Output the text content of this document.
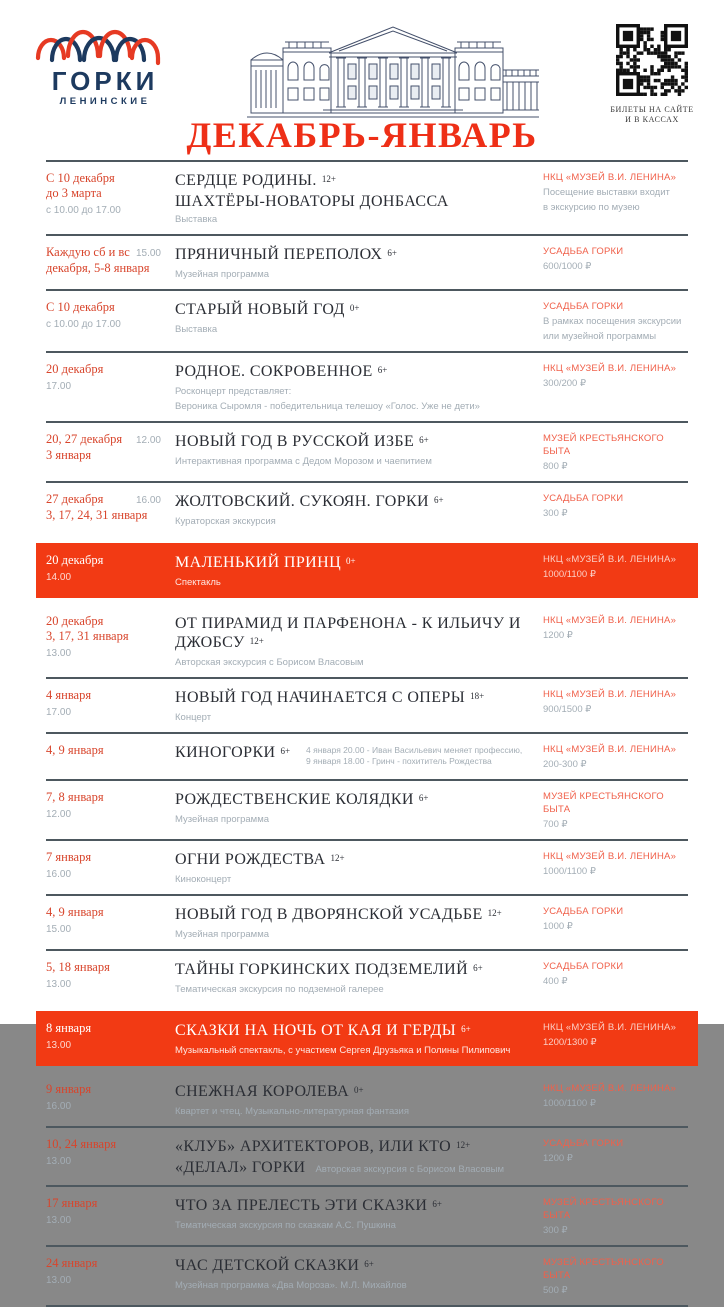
ГОРКИ
ЛЕНИНСКИЕ
БИЛЕТЫ НА САЙТЕ
И В КАССАХ
ДЕКАБРЬ-ЯНВАРЬ
С 10 декабря
до 3 марта
с 10.00 до 17.00
СЕРДЦЕ РОДИНЫ. 12+
ШАХТЁРЫ-НОВАТОРЫ ДОНБАССА
Выставка
НКЦ «МУЗЕЙ В.И. ЛЕНИНА»
Посещение выставки входит
в экскурсию по музею
Каждую сб и вс 15.00
декабря, 5-8 января
ПРЯНИЧНЫЙ ПЕРЕПОЛОХ 6+
Музейная программа
УСАДЬБА ГОРКИ
600/1000 ₽
С 10 декабря
с 10.00 до 17.00
СТАРЫЙ НОВЫЙ ГОД 0+
Выставка
УСАДЬБА ГОРКИ
В рамках посещения экскурсии
или музейной программы
20 декабря
17.00
РОДНОЕ. СОКРОВЕННОЕ 6+
Росконцерт представляет:
Вероника Сыромля - победительница телешоу «Голос. Уже не дети»
НКЦ «МУЗЕЙ В.И. ЛЕНИНА»
300/200 ₽
20, 27 декабря 12.00
3 января
НОВЫЙ ГОД В РУССКОЙ ИЗБЕ 6+
Интерактивная программа с Дедом Морозом и чаепитием
МУЗЕЙ КРЕСТЬЯНСКОГО БЫТА
800 ₽
27 декабря	16.00
3, 17, 24, 31 января
ЖОЛТОВСКИЙ. СУКОЯН. ГОРКИ 6+
Кураторская экскурсия
УСАДЬБА ГОРКИ
300 ₽
20 декабря
14.00
МАЛЕНЬКИЙ ПРИНЦ 0+
Спектакль
НКЦ «МУЗЕЙ В.И. ЛЕНИНА»
1000/1100 ₽
20 декабря
3, 17, 31 января
13.00
ОТ ПИРАМИД И ПАРФЕНОНА - К ИЛЬИЧУ И ДЖОБСУ 12+
Авторская экскурсия с Борисом Власовым
НКЦ «МУЗЕЙ В.И. ЛЕНИНА»
1200 ₽
4 января
17.00
НОВЫЙ ГОД НАЧИНАЕТСЯ С ОПЕРЫ 18+
Концерт
НКЦ «МУЗЕЙ В.И. ЛЕНИНА»
900/1500 ₽
4, 9 января	КИНОГОРКИ 6+ 4 января 20.00 - Иван Васильевич меняет профессию,
9 января 18.00 - Гринч - похититель Рождества
НКЦ «МУЗЕЙ В.И. ЛЕНИНА»
200-300 ₽
7, 8 января
12.00
РОЖДЕСТВЕНСКИЕ КОЛЯДКИ 6+
Музейная программа
МУЗЕЙ КРЕСТЬЯНСКОГО БЫТА
700 ₽
7 января
16.00
ОГНИ РОЖДЕСТВА 12+
Киноконцерт
НКЦ «МУЗЕЙ В.И. ЛЕНИНА»
1000/1100 ₽
4, 9 января
15.00
НОВЫЙ ГОД В ДВОРЯНСКОЙ УСАДЬБЕ 12+
Музейная программа
УСАДЬБА ГОРКИ
1000 ₽
5, 18 января
13.00
ТАЙНЫ ГОРКИНСКИХ ПОДЗЕМЕЛИЙ 6+
Тематическая экскурсия по подземной галерее
УСАДЬБА ГОРКИ
400 ₽
8 января
13.00
СКАЗКИ НА НОЧЬ ОТ КАЯ И ГЕРДЫ 6+
Музыкальный спектакль, с участием Сергея Друзьяка и Полины Пилипович
НКЦ «МУЗЕЙ В.И. ЛЕНИНА»
1200/1300 ₽
9 января
16.00
СНЕЖНАЯ КОРОЛЕВА 0+
Квартет и чтец. Музыкально-литературная фантазия
НКЦ «МУЗЕЙ В.И. ЛЕНИНА»
1000/1100 ₽
10, 24 января
13.00
«КЛУБ» АРХИТЕКТОРОВ, ИЛИ КТО 12+
«ДЕЛАЛ» ГОРКИ Авторская экскурсия с Борисом Власовым
УСАДЬБА ГОРКИ
1200 ₽
17 января
13.00
ЧТО ЗА ПРЕЛЕСТЬ ЭТИ СКАЗКИ 6+
Тематическая экскурсия по сказкам А.С. Пушкина
МУЗЕЙ КРЕСТЬЯНСКОГО БЫТА
300 ₽
24 января
13.00
ЧАС ДЕТСКОЙ СКАЗКИ 6+
Музейная программа «Два Мороза». М.Л. Михайлов
МУЗЕЙ КРЕСТЬЯНСКОГО БЫТА
500 ₽
